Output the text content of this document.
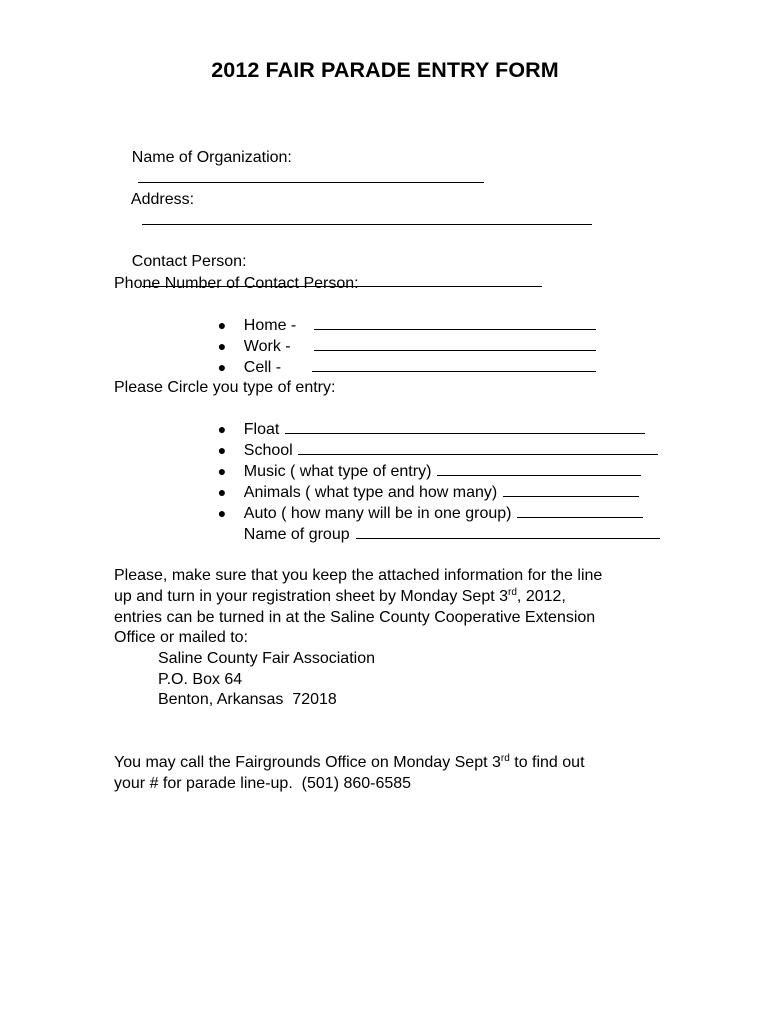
2012 FAIR PARADE ENTRY FORM

Name of Organization:

Address:

Contact Person:

Phone Number of Contact Person:

● Home -

● Work -

● Cell -

Please Circle you type of entry:

● Float

● School

● Music ( what type of entry)

● Animals ( what type and how many)

● Auto ( how many will be in one group)

Name of group

Please, make sure that you keep the attached information for the line
up and turn in your registration sheet by Monday Sept 3rd, 2012,
entries can be turned in at the Saline County Cooperative Extension
Office or mailed to:
Saline County Fair Association
P.O. Box 64
Benton, Arkansas  72018
You may call the Fairgrounds Office on Monday Sept 3rd to find out
your # for parade line-up.  (501) 860-6585
